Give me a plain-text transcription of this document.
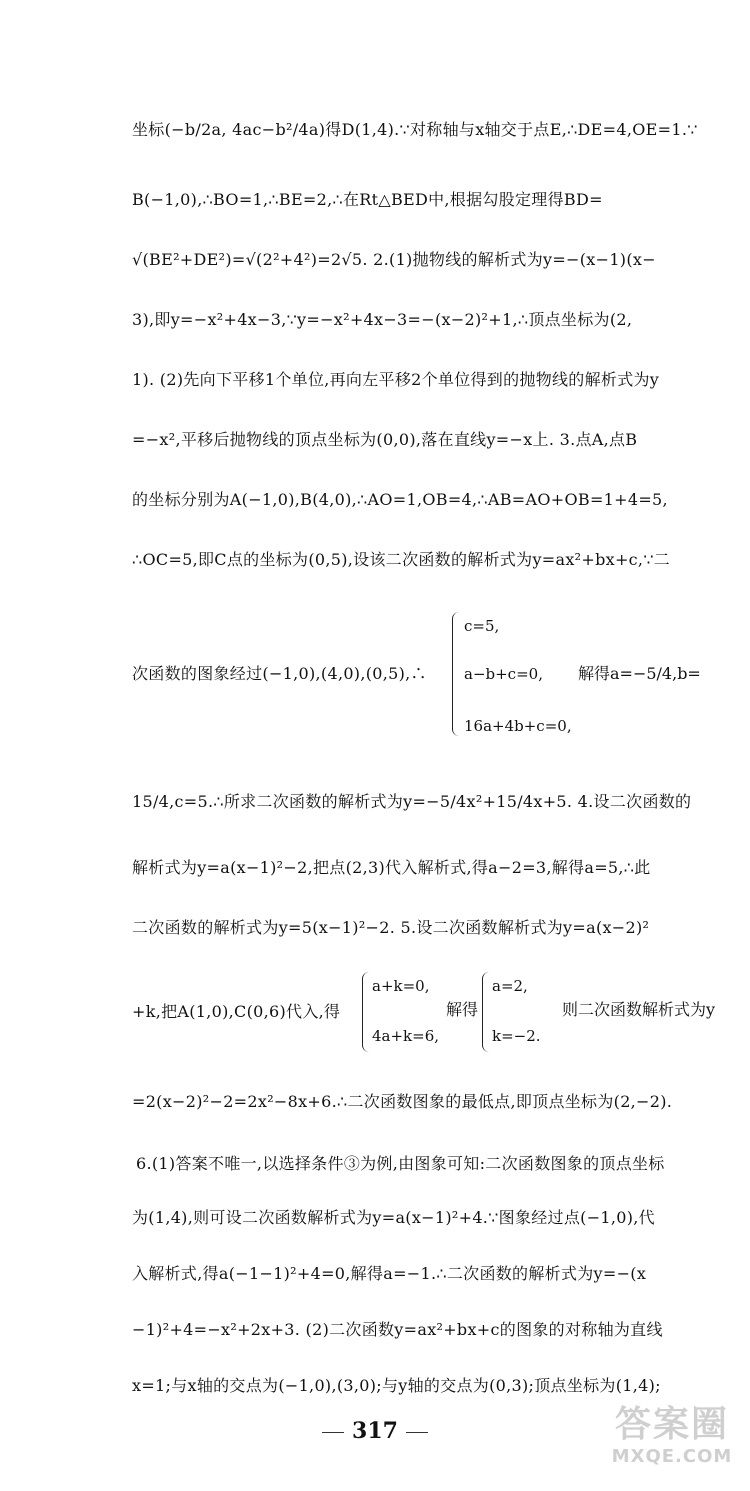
坐标(−b/2a, 4ac−b²/4a)得D(1,4).∵对称轴与x轴交于点E,∴DE=4,OE=1.∵
B(−1,0),∴BO=1,∴BE=2,∴在Rt△BED中,根据勾股定理得BD=
√(BE²+DE²)=√(2²+4²)=2√5. 2.(1)抛物线的解析式为y=−(x−1)(x−
3),即y=−x²+4x−3,∵y=−x²+4x−3=−(x−2)²+1,∴顶点坐标为(2,
1). (2)先向下平移1个单位,再向左平移2个单位得到的抛物线的解析式为y
=−x²,平移后抛物线的顶点坐标为(0,0),落在直线y=−x上. 3.点A,点B
的坐标分别为A(−1,0),B(4,0),∴AO=1,OB=4,∴AB=AO+OB=1+4=5,
∴OC=5,即C点的坐标为(0,5),设该二次函数的解析式为y=ax²+bx+c,∵二
次函数的图象经过(−1,0),(4,0),(0,5),∴
c=5,
a−b+c=0,
16a+4b+c=0,
解得a=−5/4,b=
15/4,c=5.∴所求二次函数的解析式为y=−5/4x²+15/4x+5. 4.设二次函数的
解析式为y=a(x−1)²−2,把点(2,3)代入解析式,得a−2=3,解得a=5,∴此
二次函数的解析式为y=5(x−1)²−2. 5.设二次函数解析式为y=a(x−2)²
+k,把A(1,0),C(0,6)代入,得
a+k=0,
4a+k=6,
解得
a=2,
k=−2.
则二次函数解析式为y
=2(x−2)²−2=2x²−8x+6.∴二次函数图象的最低点,即顶点坐标为(2,−2).
6.(1)答案不唯一,以选择条件③为例,由图象可知:二次函数图象的顶点坐标
为(1,4),则可设二次函数解析式为y=a(x−1)²+4.∵图象经过点(−1,0),代
入解析式,得a(−1−1)²+4=0,解得a=−1.∴二次函数的解析式为y=−(x
−1)²+4=−x²+2x+3. (2)二次函数y=ax²+bx+c的图象的对称轴为直线
x=1;与x轴的交点为(−1,0),(3,0);与y轴的交点为(0,3);顶点坐标为(1,4);
317	答案圈
MXQE.COM
